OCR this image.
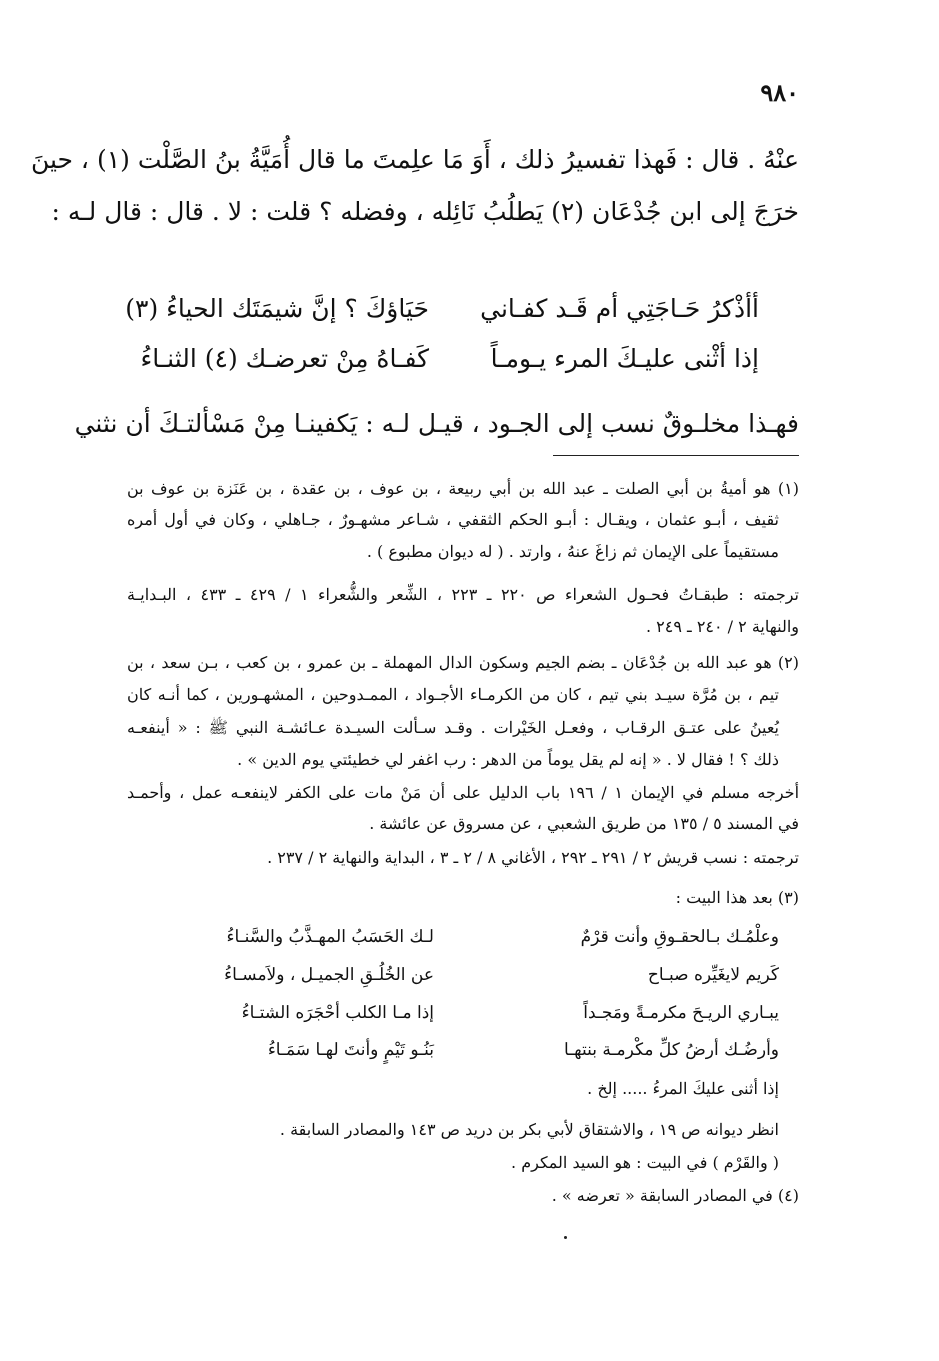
٩٨٠
عنْهُ . قال : فَهذا تفسيرُ ذلك ، أَوَ مَا علِمتَ ما قال أُمَيَّةُ بنُ الصَّلْت (١) ، حينَ
خرَجَ إلى ابن جُدْعَان (٢) يَطلُبُ نَائِله ، وفضله ؟ قلت : لا . قال : قال لـه :
أأذْكرُ حَـاجَتِي أم قَـد كفـاني
حَيَاؤكَ ؟ إنَّ شيمَتَك الحياءُ (٣)
إذا أثْنى عليـكَ المرء يـومـاً
كَفـاهُ مِنْ تعرضـك (٤) الثنـاءُ
فهـذا مخلـوقٌ نسب إلى الجـود ، قيـل لـه : يَكفينـا مِنْ مَسْألتـكَ أن نثني
(١) هو أميةُ بن أبي الصلت ـ عبد الله بن أبي ربيعة ، بن عوف ، بن عقدة ، بن عَنَزة بن عوف بن
ثقيف ، أبـو عثمان ، ويقـال : أبـو الحكم الثقفي ، شـاعر مشهـورٌ ، جـاهلي ، وكان في أول أمره
مستقيماً على الإيمان ثم زاغَ عنهُ ، وارتد . ( له ديوان مطبوع ) .
ترجمته : طبقـاتُ فحـول الشعراء ص ٢٢٠ ـ ٢٢٣ ، الشِّعر والشُّعراء ١ / ٤٢٩ ـ ٤٣٣ ، البـدايـة
والنهاية ٢ / ٢٤٠ ـ ٢٤٩ .
(٢) هو عبد الله بن جُدْعَان ـ بضم الجيم وسكون الدال المهملة ـ بن عمرو ، بن كعب ، بـن سعد ، بن
تيم ، بن مُرَّة سيـد بني تيم ، كان من الكرمـاء الأجـواد ، الممـدوحين ، المشهـورين ، كما أنـه كان
يُعينُ على عتـق الرقـاب ، وفعـل الخَيْرات . وقـد سـألت السيـدة عـائشـة النبي ﷺ : « أينفعـه
ذلك ؟ ! فقال لا . « إنه لم يقل يوماً من الدهر : رب اغفر لي خطيئتي يوم الدين » .
أخرجه مسلم في الإيمان ١ / ١٩٦ باب الدليل على أن مَنْ مات على الكفر لاينفعـه عمل ، وأحمـد
في المسند ٥ / ١٣٥ من طريق الشعبي ، عن مسروق عن عائشة .
ترجمته : نسب قريش ٢ / ٢٩١ ـ ٢٩٢ ، الأغاني ٨ / ٢ ـ ٣ ، البداية والنهاية ٢ / ٢٣٧ .
(٣) بعد هذا البيت :
وعلْمُـك بـالحقـوقِ وأنت قرْمٌ
لـك الحَسَبُ المهـذَّبُ والسَّنـاءُ
كَريم لايغَيِّره صبـاح
عن الخُلُـقِ الجميـل ، ولاَمسـاءُ
يبـاري الريـحَ مكرمـةً ومَجـداً
إذا مـا الكلب أحْجَرَه الشتـاءُ
وأرضُـك أرضُ كلِّ مكْرمـة بنتهـا
بَنُـو تَيْمٍ وأنتَ لهـا سَمَـاءُ
إذا أثنى عليكَ المرءُ ..... إلخ .
انظر ديوانه ص ١٩ ، والاشتقاق لأبي بكر بن دريد ص ١٤٣ والمصادر السابقة .
( والقَرْم ) في البيت : هو السيد المكرم .
(٤) في المصادر السابقة « تعرضه » .
